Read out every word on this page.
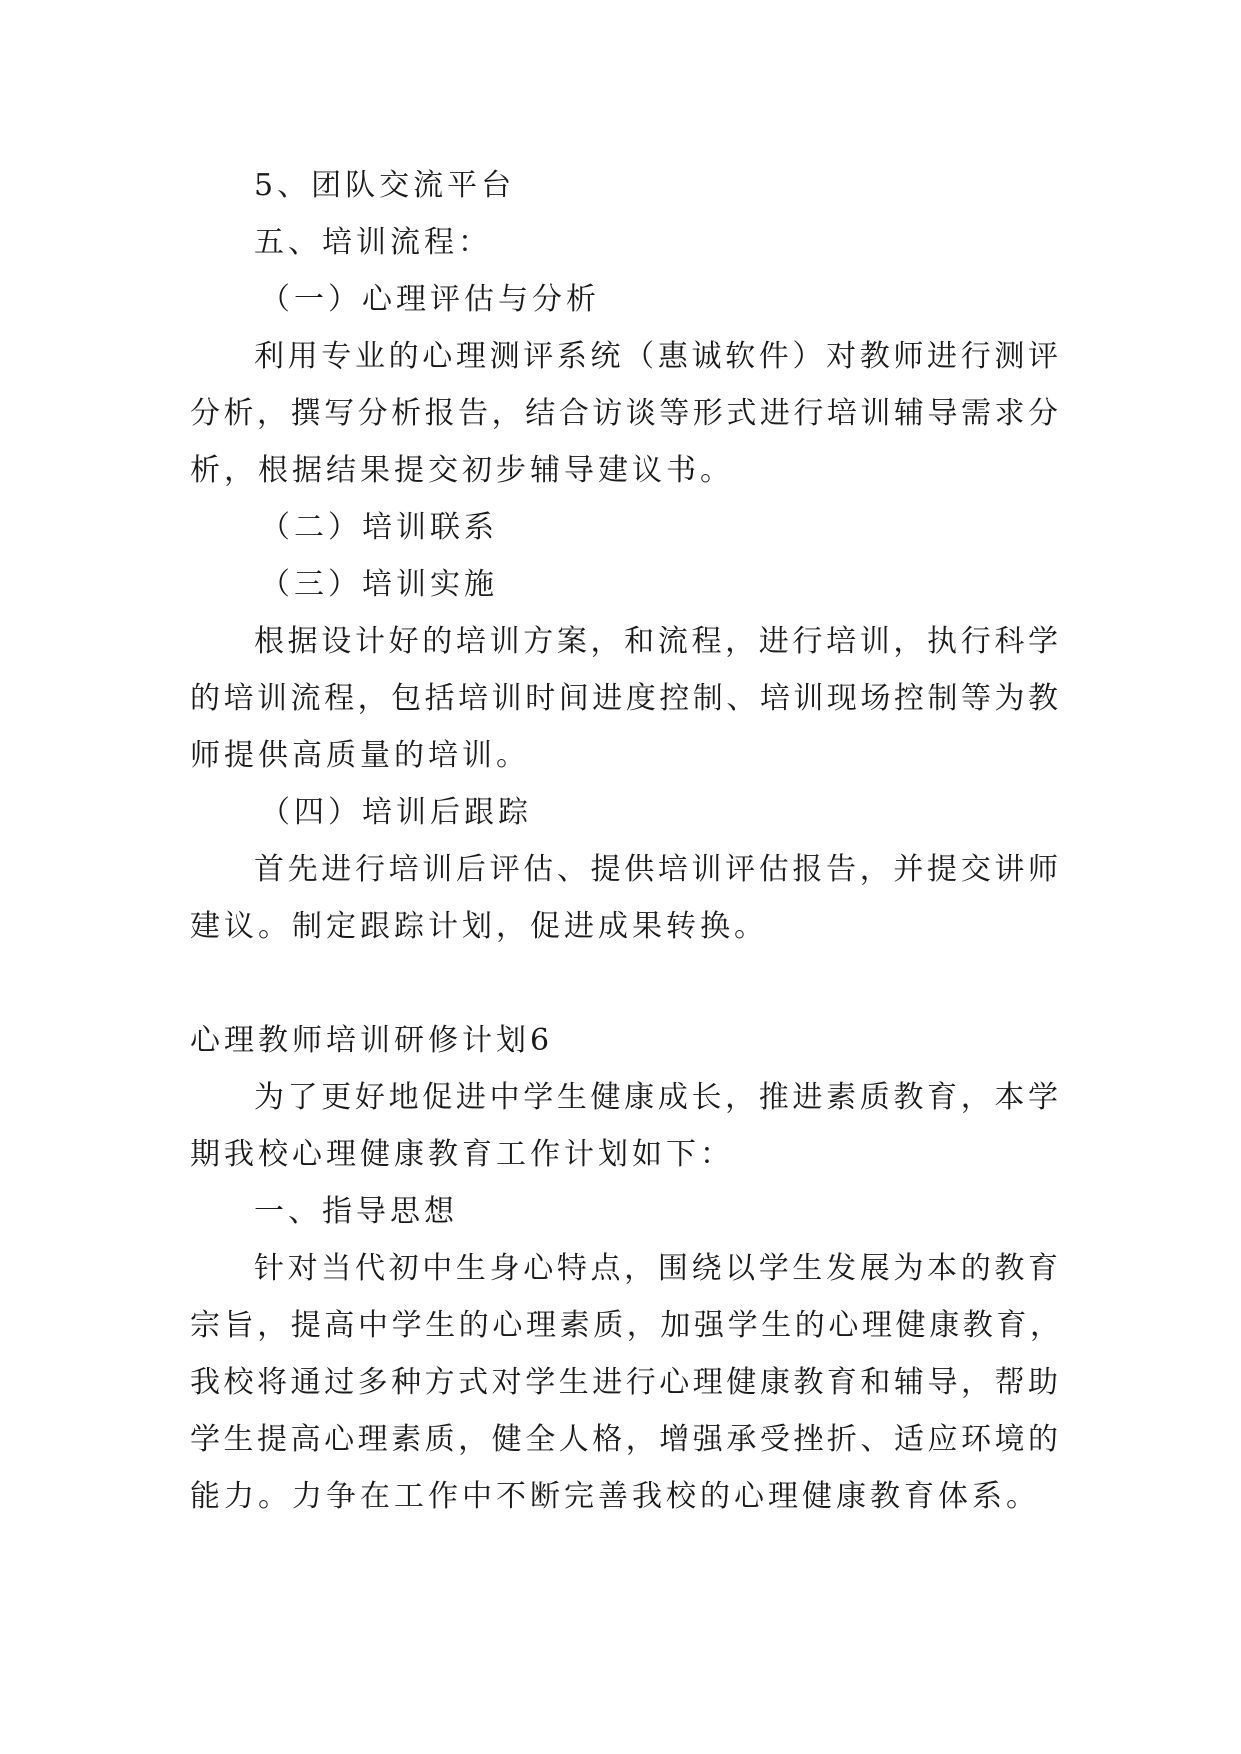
5、团队交流平台
五、培训流程：
（一）心理评估与分析
利用专业的心理测评系统（惠诚软件）对教师进行测评
分析，撰写分析报告，结合访谈等形式进行培训辅导需求分
析，根据结果提交初步辅导建议书。
（二）培训联系
（三）培训实施
根据设计好的培训方案，和流程，进行培训，执行科学
的培训流程，包括培训时间进度控制、培训现场控制等为教
师提供高质量的培训。
（四）培训后跟踪
首先进行培训后评估、提供培训评估报告，并提交讲师
建议。制定跟踪计划，促进成果转换。
心理教师培训研修计划6
为了更好地促进中学生健康成长，推进素质教育，本学
期我校心理健康教育工作计划如下：
一、指导思想
针对当代初中生身心特点，围绕以学生发展为本的教育
宗旨，提高中学生的心理素质，加强学生的心理健康教育，
我校将通过多种方式对学生进行心理健康教育和辅导，帮助
学生提高心理素质，健全人格，增强承受挫折、适应环境的
能力。力争在工作中不断完善我校的心理健康教育体系。
